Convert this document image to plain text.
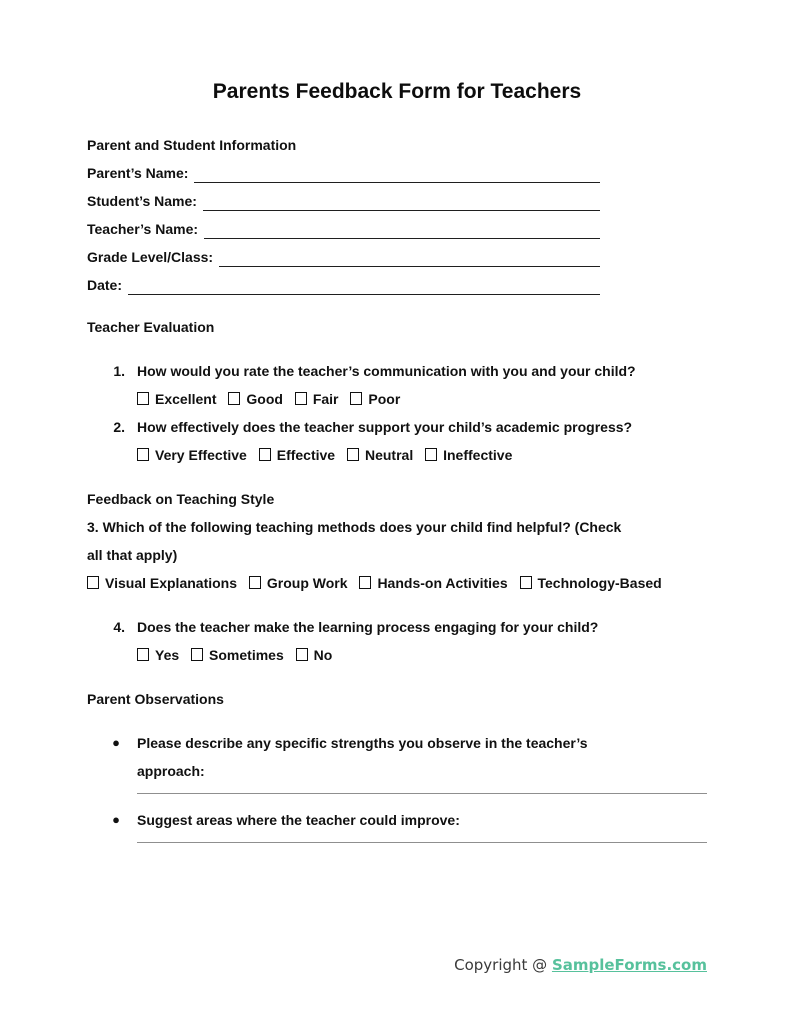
Parents Feedback Form for Teachers
Parent and Student Information
Parent’s Name:
Student’s Name:
Teacher’s Name:
Grade Level/Class:
Date:
Teacher Evaluation
1. How would you rate the teacher’s communication with you and your child?
Excellent Good Fair Poor
2. How effectively does the teacher support your child’s academic progress?
Very Effective Effective Neutral Ineffective
Feedback on Teaching Style
3. Which of the following teaching methods does your child find helpful? (Check
all that apply)
Visual Explanations Group Work Hands-on Activities Technology-Based
4. Does the teacher make the learning process engaging for your child?
Yes Sometimes No
Parent Observations
●	Please describe any specific strengths you observe in the teacher’s
approach:
●	Suggest areas where the teacher could improve:
Copyright @ SampleForms.com
